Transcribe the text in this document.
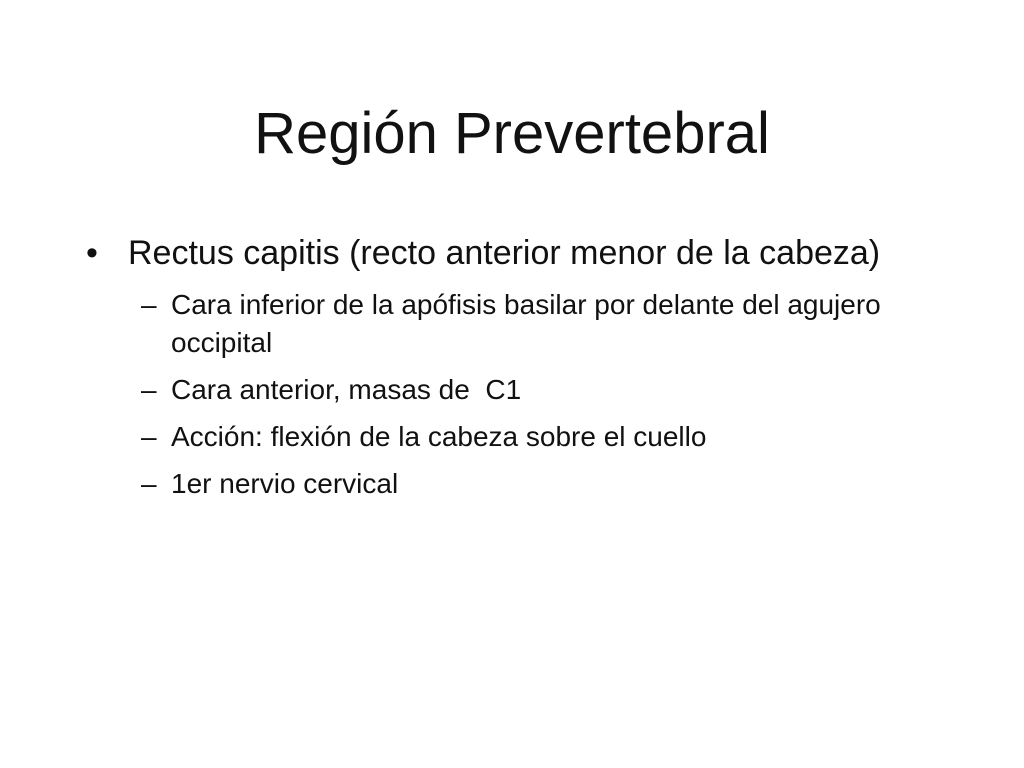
Región Prevertebral
• Rectus capitis (recto anterior menor de la cabeza)
– Cara inferior de la apófisis basilar por delante del agujero occipital
– Cara anterior, masas de  C1
– Acción: flexión de la cabeza sobre el cuello
– 1er nervio cervical
